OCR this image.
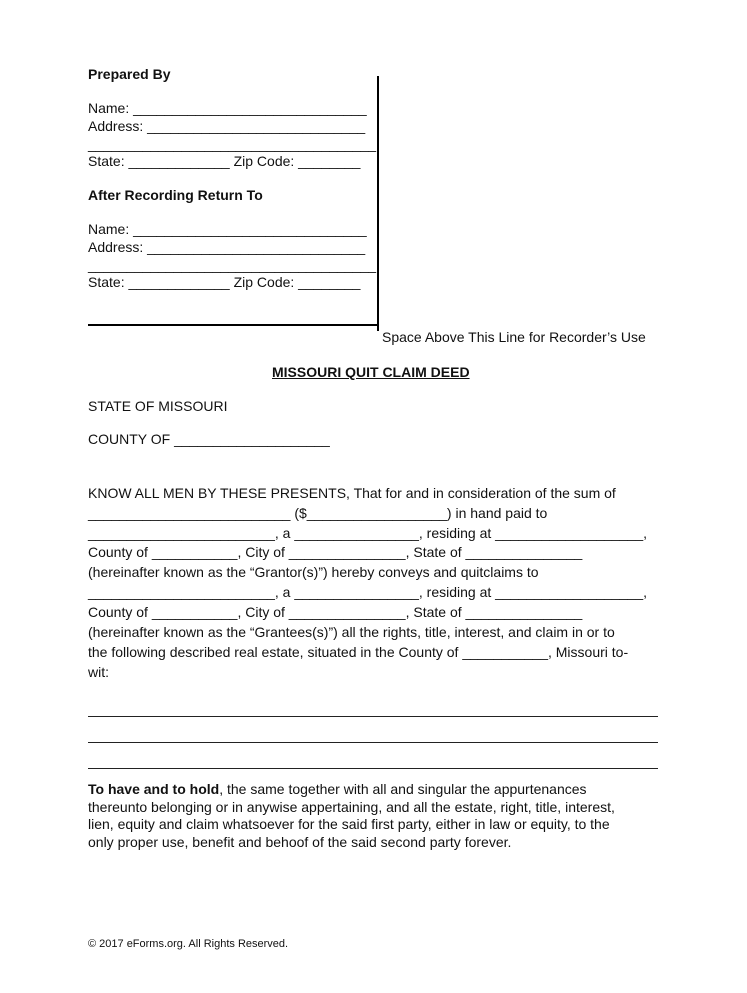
Prepared By
Name: ______________________________
Address: ____________________________
_____________________________________
State: _____________ Zip Code: ________
After Recording Return To
Name: ______________________________
Address: ____________________________
_____________________________________
State: _____________ Zip Code: ________
Space Above This Line for Recorder’s Use
MISSOURI QUIT CLAIM DEED
STATE OF MISSOURI
COUNTY OF ____________________
KNOW ALL MEN BY THESE PRESENTS, That for and in consideration of the sum of
__________________________ ($__________________) in hand paid to
________________________, a ________________, residing at ___________________,
County of ___________, City of _______________, State of _______________
(hereinafter known as the “Grantor(s)”) hereby conveys and quitclaims to
________________________, a ________________, residing at ___________________,
County of ___________, City of _______________, State of _______________
(hereinafter known as the “Grantees(s)”) all the rights, title, interest, and claim in or to
the following described real estate, situated in the County of ___________, Missouri to-
wit:
To have and to hold, the same together with all and singular the appurtenances
thereunto belonging or in anywise appertaining, and all the estate, right, title, interest,
lien, equity and claim whatsoever for the said first party, either in law or equity, to the
only proper use, benefit and behoof of the said second party forever.
© 2017 eForms.org. All Rights Reserved.
